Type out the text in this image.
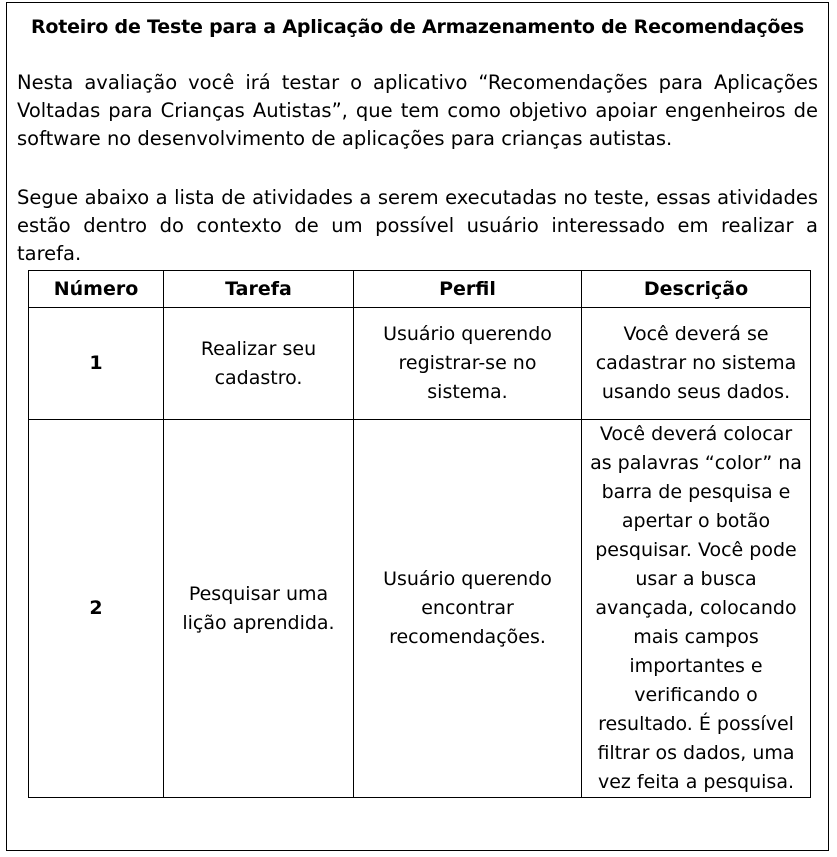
Roteiro de Teste para a Aplicação de Armazenamento de Recomendações
Nesta avaliação você irá testar o aplicativo “Recomendações para Aplicações Voltadas para Crianças Autistas”, que tem como objetivo apoiar engenheiros de software no desenvolvimento de aplicações para crianças autistas.
Segue abaixo a lista de atividades a serem executadas no teste, essas atividades estão dentro do contexto de um possível usuário interessado em realizar a tarefa.
Número	Tarefa	Perfil	Descrição
1	Realizar seu cadastro.	Usuário querendo registrar-se no sistema.	Você deverá se cadastrar no sistema usando seus dados.
2	Pesquisar uma lição aprendida.	Usuário querendo encontrar recomendações.	Você deverá colocar as palavras “color” na barra de pesquisa e apertar o botão pesquisar. Você pode usar a busca avançada, colocando mais campos importantes e verificando o resultado. É possível filtrar os dados, uma vez feita a pesquisa.
